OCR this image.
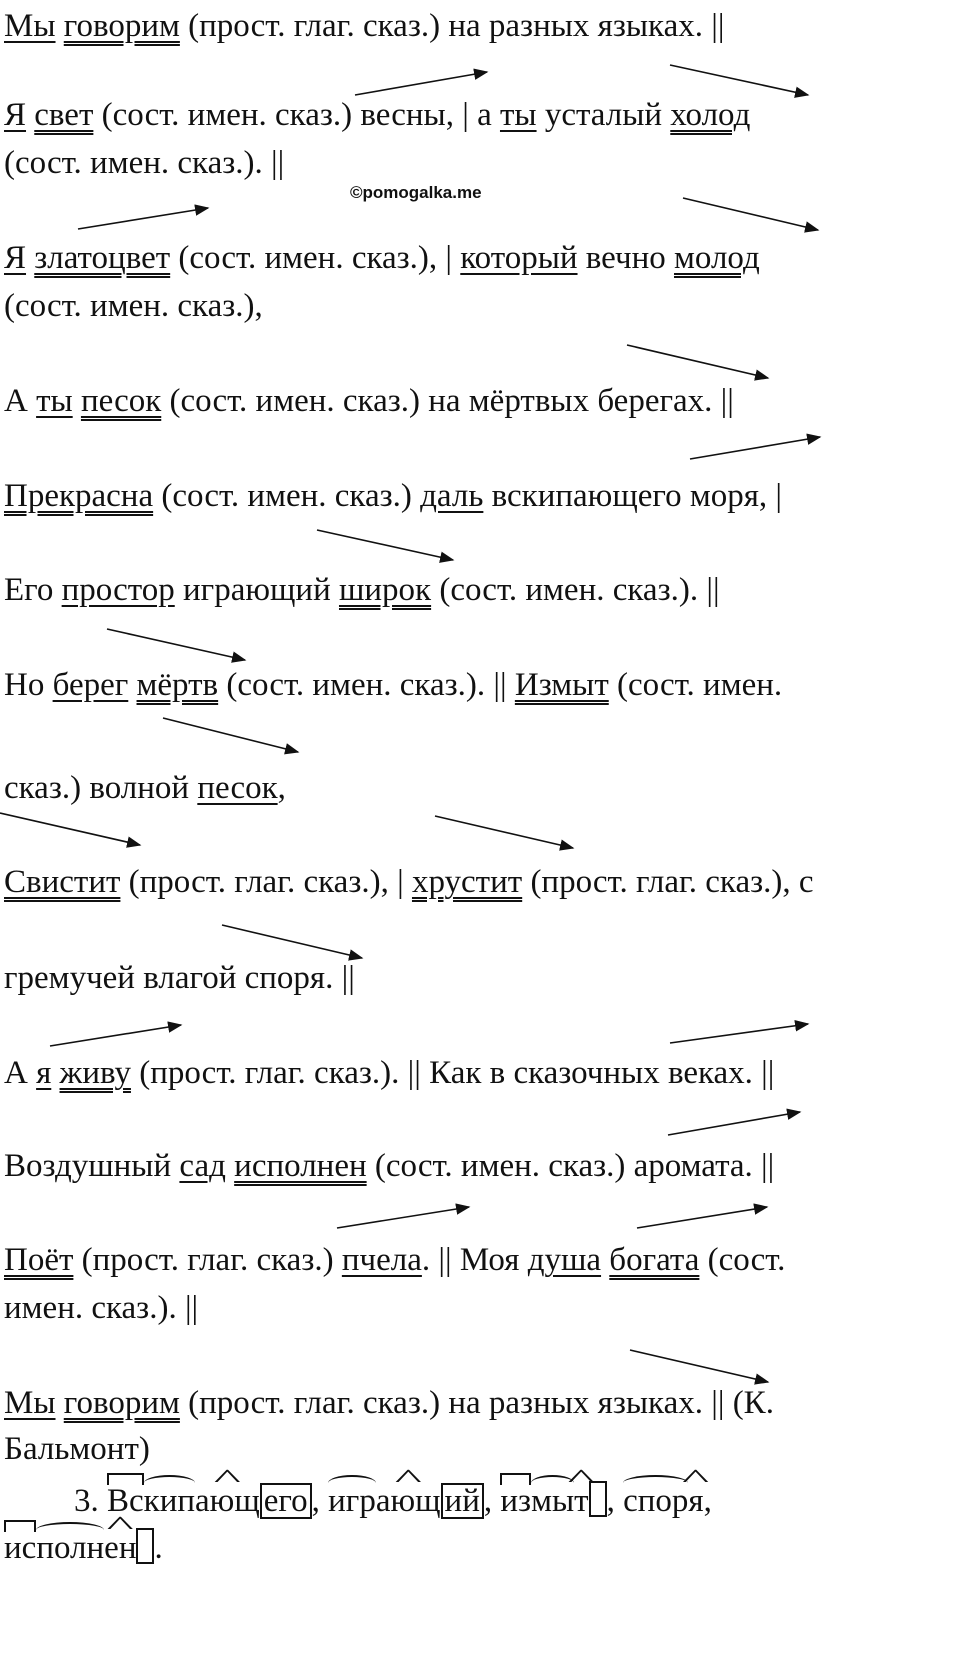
©pomogalka.me
Мы говорим (прост. глаг. сказ.) на разных языках. ||
Я свет (сост. имен. сказ.) весны, | а ты усталый холод
(сост. имен. сказ.). ||
Я златоцвет (сост. имен. сказ.), | который вечно молод
(сост. имен. сказ.),
А ты песок (сост. имен. сказ.) на мёртвых берегах. ||
Прекрасна (сост. имен. сказ.) даль вскипающего моря, |
Его простор играющий широк (сост. имен. сказ.). ||
Но берег мёртв (сост. имен. сказ.). || Измыт (сост. имен.
сказ.) волной песок,
Свистит (прост. глаг. сказ.), | хрустит (прост. глаг. сказ.), с
гремучей влагой споря. ||
А я живу (прост. глаг. сказ.). || Как в сказочных веках. ||
Воздушный сад исполнен (сост. имен. сказ.) аромата. ||
Поёт (прост. глаг. сказ.) пчела. || Моя душа богата (сост.
имен. сказ.). ||
Мы говорим (прост. глаг. сказ.) на разных языках. || (К.
Бальмонт)
3. Вскип^ ающ его , игр^ ающ ий , измы^ т , спор^ я,
исполн^ ен .
